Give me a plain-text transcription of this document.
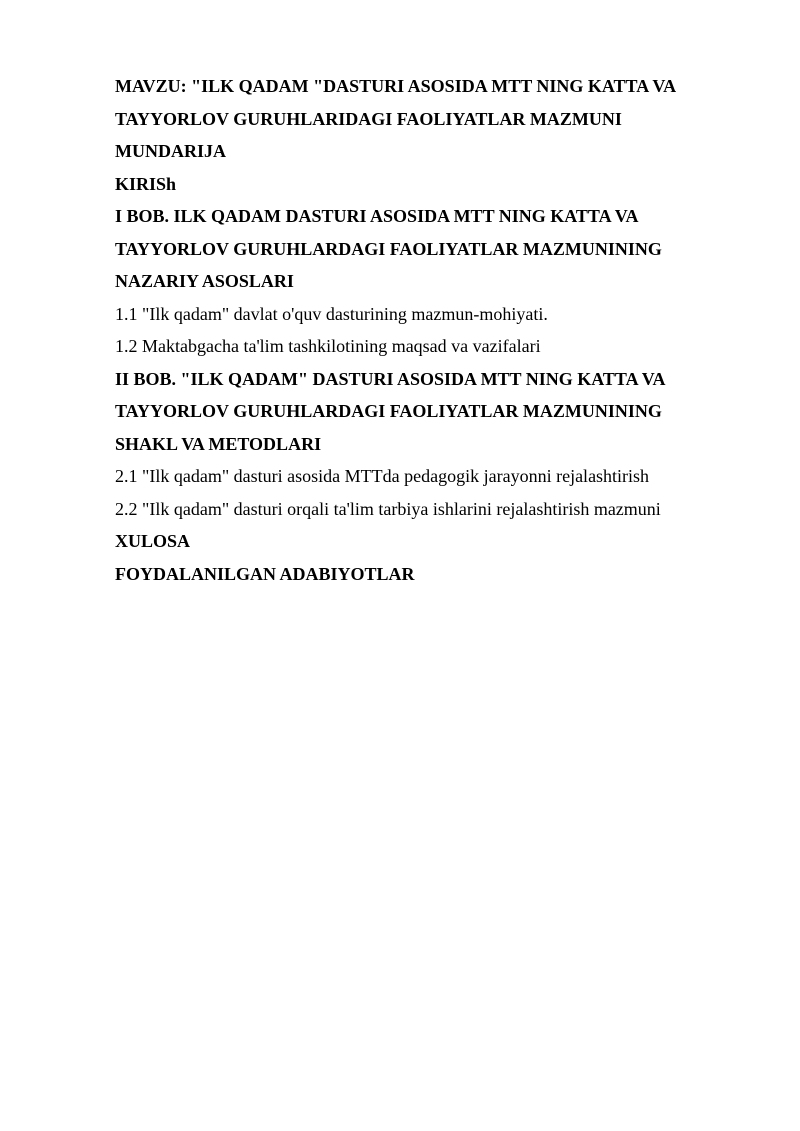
MAVZU: "ILK QADAM "DASTURI ASOSIDA MTT NING KATTA VA
TAYYORLOV GURUHLARIDAGI FAOLIYATLAR MAZMUNI
MUNDARIJA
KIRISh
I BOB. ILK QADAM DASTURI ASOSIDA MTT NING KATTA VA
TAYYORLOV GURUHLARDAGI FAOLIYATLAR MAZMUNINING
NAZARIY ASOSLARI
1.1 "Ilk qadam" davlat o'quv dasturining mazmun-mohiyati.
1.2 Maktabgacha ta'lim tashkilotining maqsad va vazifalari
II BOB. "ILK QADAM" DASTURI ASOSIDA MTT NING KATTA VA
TAYYORLOV GURUHLARDAGI FAOLIYATLAR MAZMUNINING
SHAKL VA METODLARI
2.1 "Ilk qadam" dasturi asosida MTTda pedagogik jarayonni rejalashtirish
2.2 "Ilk qadam" dasturi orqali ta'lim tarbiya ishlarini rejalashtirish mazmuni
XULOSA
FOYDALANILGAN ADABIYOTLAR
